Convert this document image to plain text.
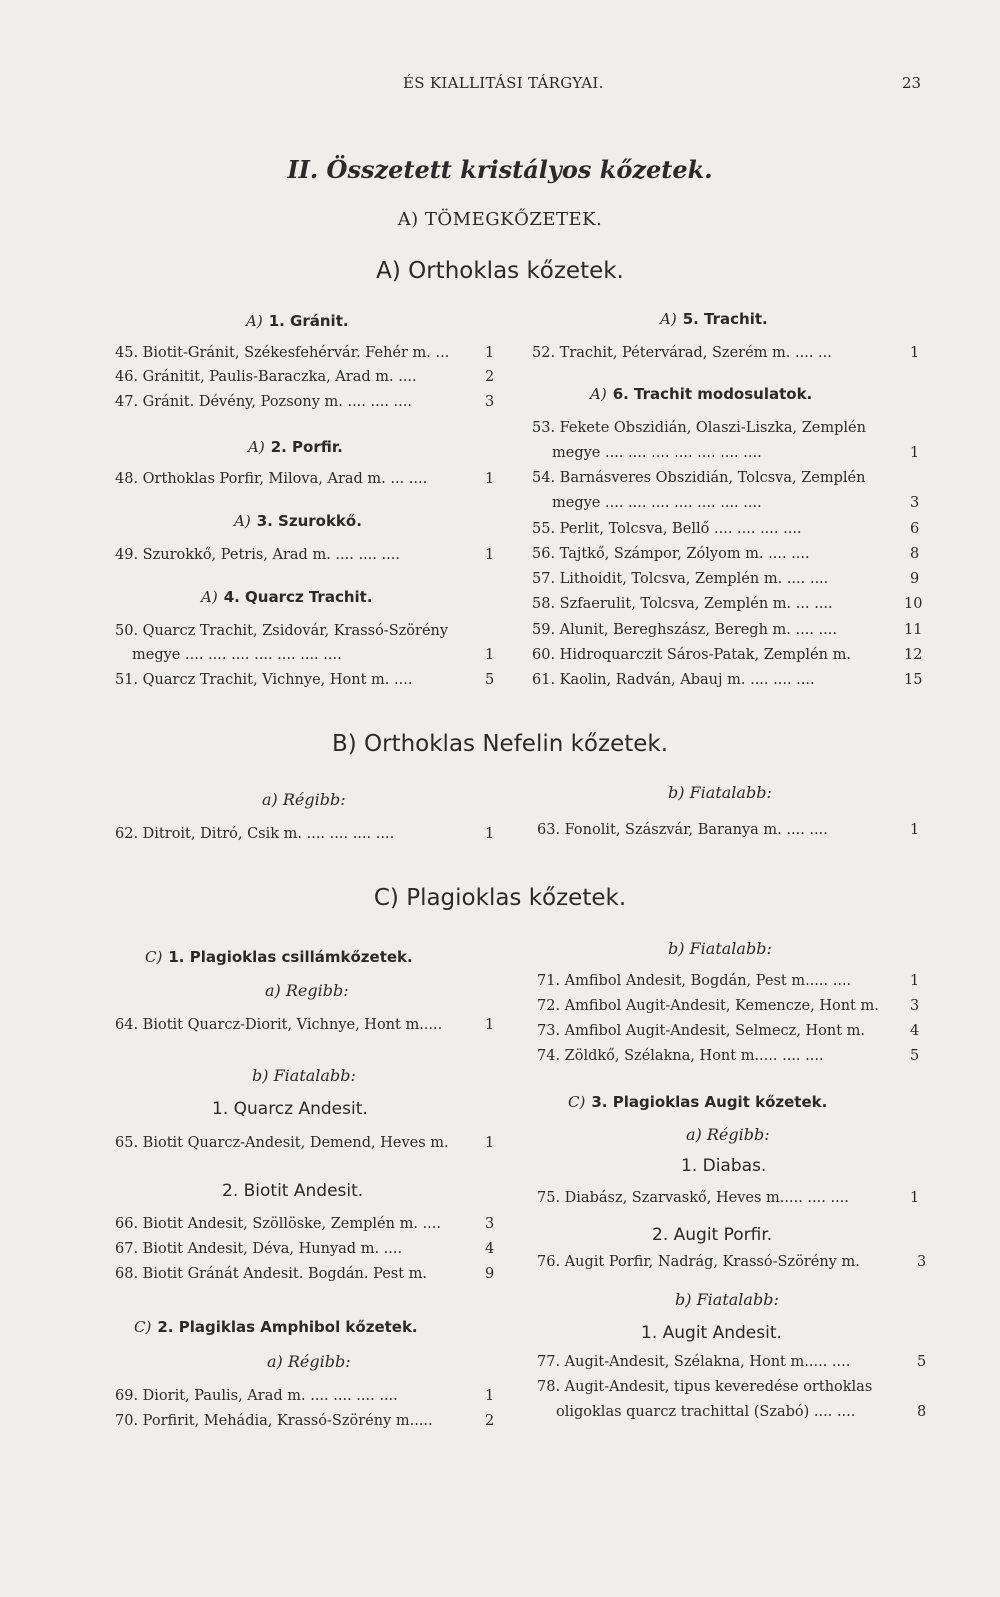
ÉS KIALLITÁSI TÁRGYAI.	23
II. Összetett kristályos kőzetek.
A) TÖMEGKŐZETEK.
A) Orthoklas kőzetek.
A) 1. Gránit.
45. Biotit-Gránit, Székesfehérvár. Fehér m. ... 1
46. Gránitit, Paulis-Baraczka, Arad m. ....	2
47. Gránit. Dévény, Pozsony m. .... .... ....	3
A) 2. Porfir.
48. Orthoklas Porfir, Milova, Arad m. ... ....	1
A) 3. Szurokkő.
49. Szurokkő, Petris, Arad m. .... .... ....	1
A) 4. Quarcz Trachit.
50. Quarcz Trachit, Zsidovár, Krassó-Szörény
megye .... .... .... .... .... .... ....	1
51. Quarcz Trachit, Vichnye, Hont m. ....	5
A) 5. Trachit.
52. Trachit, Pétervárad, Szerém m. .... ...	1
A) 6. Trachit modosulatok.
53. Fekete Obszidián, Olaszi-Liszka, Zemplén
megye .... .... .... .... .... .... ....	1
54. Barnásveres Obszidián, Tolcsva, Zemplén
megye .... .... .... .... .... .... ....	3
55. Perlit, Tolcsva, Bellő .... .... .... ....	6
56. Tajtkő, Számpor, Zólyom m. .... ....	8
57. Lithoidit, Tolcsva, Zemplén m. .... ....	9
58. Szfaerulit, Tolcsva, Zemplén m. ... ....	10
59. Alunit, Bereghszász, Beregh m. .... ....	11
60. Hidroquarczit Sáros-Patak, Zemplén m.	12
61. Kaolin, Radván, Abauj m. .... .... ....	15
B) Orthoklas Nefelin kőzetek.
a) Régibb:	b) Fiatalabb:
62. Ditroit, Ditró, Csik m. .... .... .... ....	1	63. Fonolit, Szászvár, Baranya m. .... ....	1
C) Plagioklas kőzetek.
C) 1. Plagioklas csillámkőzetek.
a) Regibb:
64. Biotit Quarcz-Diorit, Vichnye, Hont m.....	1
b) Fiatalabb:
1. Quarcz Andesit.
65. Biotit Quarcz-Andesit, Demend, Heves m.	1
2. Biotit Andesit.
66. Biotit Andesit, Szöllöske, Zemplén m. ....	3
67. Biotit Andesit, Déva, Hunyad m. ....	4
68. Biotit Gránát Andesit. Bogdán. Pest m.	9
C) 2. Plagiklas Amphibol kőzetek.
a) Régibb:
69. Diorit, Paulis, Arad m. .... .... .... ....	1
70. Porfirit, Mehádia, Krassó-Szörény m.....	2
b) Fiatalabb:
71. Amfibol Andesit, Bogdán, Pest m..... ....	1
72. Amfibol Augit-Andesit, Kemencze, Hont m. 3
73. Amfibol Augit-Andesit, Selmecz, Hont m.	4
74. Zöldkő, Szélakna, Hont m..... .... ....	5
C) 3. Plagioklas Augit kőzetek.
a) Régibb:
1. Diabas.
75. Diabász, Szarvaskő, Heves m..... .... ....	1
2. Augit Porfir.
76. Augit Porfir, Nadrág, Krassó-Szörény m.	3
b) Fiatalabb:
1. Augit Andesit.
77. Augit-Andesit, Szélakna, Hont m..... ....	5
78. Augit-Andesit, tipus keveredése orthoklas
oligoklas quarcz trachittal (Szabó) .... ....	8
